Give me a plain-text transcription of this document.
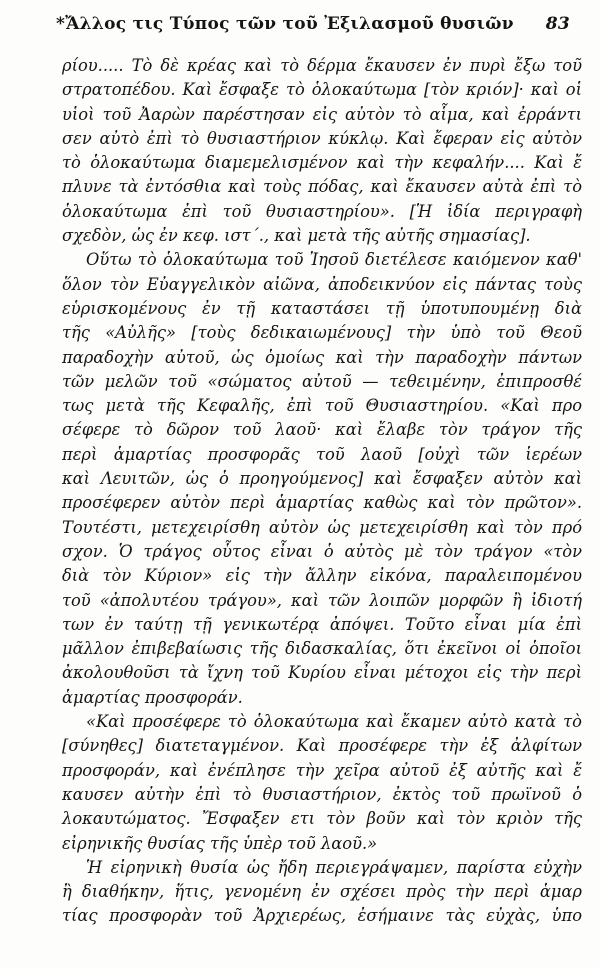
*Ἄλλος τις Τύπος τῶν τοῦ Ἐξιλασμοῦ θυσιῶν 83
ρίου..... Τὸ δὲ κρέας καὶ τὸ δέρμα ἔκαυσεν ἐν πυρὶ ἔξω τοῦ
στρατοπέδου. Καὶ ἔσφαξε τὸ ὁλοκαύτωμα [τὸν κριόν]· καὶ οἱ
υἱοὶ τοῦ Ἀαρὼν παρέστησαν εἰς αὐτὸν τὸ αἷμα, καὶ ἐρράντι
σεν αὐτὸ ἐπὶ τὸ θυσιαστήριον κύκλῳ. Καὶ ἔφεραν εἰς αὐτὸν
τὸ ὁλοκαύτωμα διαμεμελισμένον καὶ τὴν κεφαλήν.... Καὶ ἔ
πλυνε τὰ ἐντόσθια καὶ τοὺς πόδας, καὶ ἔκαυσεν αὐτὰ ἐπὶ τὸ
ὁλοκαύτωμα ἐπὶ τοῦ θυσιαστηρίου». [Ἡ ἰδία περιγραφὴ
σχεδὸν, ὡς ἐν κεφ. ιστ΄., καὶ μετὰ τῆς αὐτῆς σημασίας].
Οὕτω τὸ ὁλοκαύτωμα τοῦ Ἰησοῦ διετέλεσε καιόμενον καθ'
ὅλον τὸν Εὐαγγελικὸν αἰῶνα, ἀποδεικνύον εἰς πάντας τοὺς
εὑρισκομένους ἐν τῇ καταστάσει τῇ ὑποτυπουμένῃ διὰ
τῆς «Αὐλῆς» [τοὺς δεδικαιωμένους] τὴν ὑπὸ τοῦ Θεοῦ
παραδοχὴν αὐτοῦ, ὡς ὁμοίως καὶ τὴν παραδοχὴν πάντων
τῶν μελῶν τοῦ «σώματος αὐτοῦ — τεθειμένην, ἐπιπροσθέ
τως μετὰ τῆς Κεφαλῆς, ἐπὶ τοῦ Θυσιαστηρίου. «Καὶ προ
σέφερε τὸ δῶρον τοῦ λαοῦ· καὶ ἔλαβε τὸν τράγον τῆς
περὶ ἁμαρτίας προσφορᾶς τοῦ λαοῦ [οὐχὶ τῶν ἱερέων
καὶ Λευιτῶν, ὡς ὁ προηγούμενος] καὶ ἔσφαξεν αὐτὸν καὶ
προσέφερεν αὐτὸν περὶ ἁμαρτίας καθὼς καὶ τὸν πρῶτον».
Τουτέστι, μετεχειρίσθη αὐτὸν ὡς μετεχειρίσθη καὶ τὸν πρό
σχον. Ὁ τράγος οὗτος εἶναι ὁ αὐτὸς μὲ τὸν τράγον «τὸν
διὰ τὸν Κύριον» εἰς τὴν ἄλλην εἰκόνα, παραλειπομένου
τοῦ «ἀπολυτέου τράγου», καὶ τῶν λοιπῶν μορφῶν ἢ ἰδιοτή
των ἐν ταύτῃ τῇ γενικωτέρᾳ ἀπόψει. Τοῦτο εἶναι μία ἐπὶ
μᾶλλον ἐπιβεβαίωσις τῆς διδασκαλίας, ὅτι ἐκεῖνοι οἱ ὁποῖοι
ἀκολουθοῦσι τὰ ἴχνη τοῦ Κυρίου εἶναι μέτοχοι εἰς τὴν περὶ
ἁμαρτίας προσφοράν.
«Καὶ προσέφερε τὸ ὁλοκαύτωμα καὶ ἔκαμεν αὐτὸ κατὰ τὸ
[σύνηθες] διατεταγμένον. Καὶ προσέφερε τὴν ἐξ ἀλφίτων
προσφοράν, καὶ ἐνέπλησε τὴν χεῖρα αὐτοῦ ἐξ αὐτῆς καὶ ἔ
καυσεν αὐτὴν ἐπὶ τὸ θυσιαστήριον, ἐκτὸς τοῦ πρωϊνοῦ ὁ
λοκαυτώματος. Ἔσφαξεν ετι τὸν βοῦν καὶ τὸν κριὸν τῆς
εἰρηνικῆς θυσίας τῆς ὑπὲρ τοῦ λαοῦ.»
Ἡ εἰρηνικὴ θυσία ὡς ἤδη περιεγράψαμεν, παρίστα εὐχὴν
ἢ διαθήκην, ἥτις, γενομένη ἐν σχέσει πρὸς τὴν περὶ ἁμαρ
τίας προσφορὰν τοῦ Ἀρχιερέως, ἐσήμαινε τὰς εὐχὰς, ὑπο
